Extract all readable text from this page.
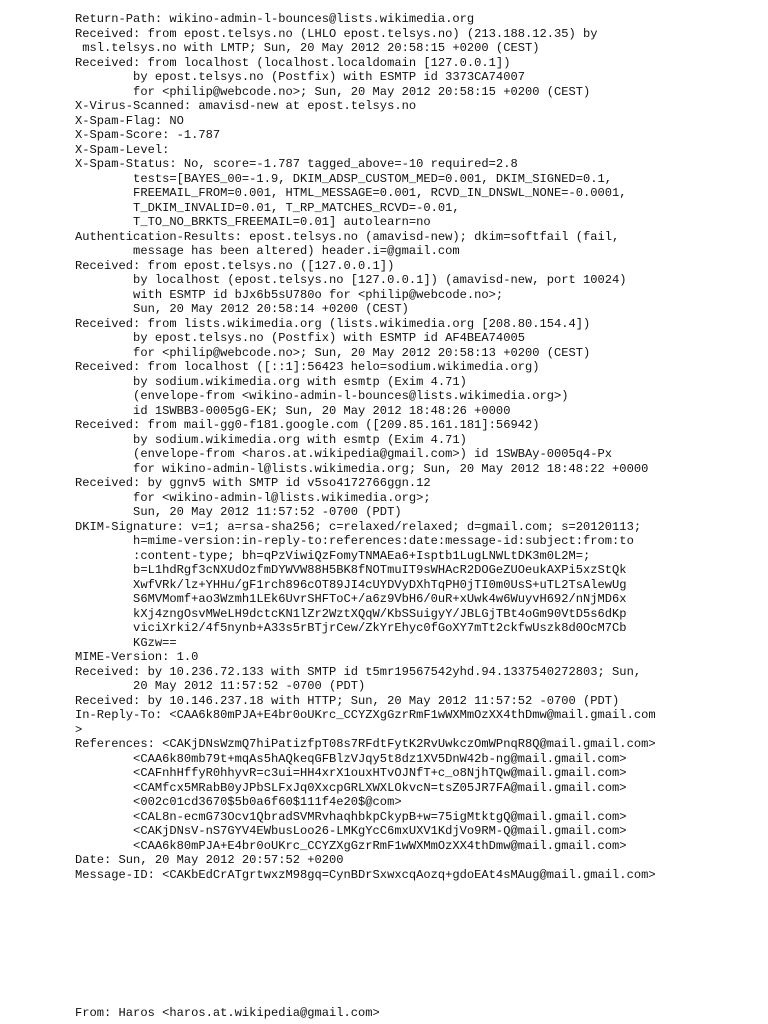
Return-Path: wikino-admin-l-bounces@lists.wikimedia.org
Received: from epost.telsys.no (LHLO epost.telsys.no) (213.188.12.35) by
msl.telsys.no with LMTP; Sun, 20 May 2012 20:58:15 +0200 (CEST)
Received: from localhost (localhost.localdomain [127.0.0.1])
by epost.telsys.no (Postfix) with ESMTP id 3373CA74007
for <philip@webcode.no>; Sun, 20 May 2012 20:58:15 +0200 (CEST)
X-Virus-Scanned: amavisd-new at epost.telsys.no
X-Spam-Flag: NO
X-Spam-Score: -1.787
X-Spam-Level:
X-Spam-Status: No, score=-1.787 tagged_above=-10 required=2.8
tests=[BAYES_00=-1.9, DKIM_ADSP_CUSTOM_MED=0.001, DKIM_SIGNED=0.1,
FREEMAIL_FROM=0.001, HTML_MESSAGE=0.001, RCVD_IN_DNSWL_NONE=-0.0001,
T_DKIM_INVALID=0.01, T_RP_MATCHES_RCVD=-0.01,
T_TO_NO_BRKTS_FREEMAIL=0.01] autolearn=no
Authentication-Results: epost.telsys.no (amavisd-new); dkim=softfail (fail,
message has been altered) header.i=@gmail.com
Received: from epost.telsys.no ([127.0.0.1])
by localhost (epost.telsys.no [127.0.0.1]) (amavisd-new, port 10024)
with ESMTP id bJx6b5sU780o for <philip@webcode.no>;
Sun, 20 May 2012 20:58:14 +0200 (CEST)
Received: from lists.wikimedia.org (lists.wikimedia.org [208.80.154.4])
by epost.telsys.no (Postfix) with ESMTP id AF4BEA74005
for <philip@webcode.no>; Sun, 20 May 2012 20:58:13 +0200 (CEST)
Received: from localhost ([::1]:56423 helo=sodium.wikimedia.org)
by sodium.wikimedia.org with esmtp (Exim 4.71)
(envelope-from <wikino-admin-l-bounces@lists.wikimedia.org>)
id 1SWBB3-0005gG-EK; Sun, 20 May 2012 18:48:26 +0000
Received: from mail-gg0-f181.google.com ([209.85.161.181]:56942)
by sodium.wikimedia.org with esmtp (Exim 4.71)
(envelope-from <haros.at.wikipedia@gmail.com>) id 1SWBAy-0005q4-Px
for wikino-admin-l@lists.wikimedia.org; Sun, 20 May 2012 18:48:22 +0000
Received: by ggnv5 with SMTP id v5so4172766ggn.12
for <wikino-admin-l@lists.wikimedia.org>;
Sun, 20 May 2012 11:57:52 -0700 (PDT)
DKIM-Signature: v=1; a=rsa-sha256; c=relaxed/relaxed; d=gmail.com; s=20120113;
h=mime-version:in-reply-to:references:date:message-id:subject:from:to
:content-type; bh=qPzViwiQzFomyTNMAEa6+Isptb1LugLNWLtDK3m0L2M=;
b=L1hdRgf3cNXUdOzfmDYWVW88H5BK8fNOTmuIT9sWHAcR2DOGeZUOeukAXPi5xzStQk
XwfVRk/lz+YHHu/gF1rch896cOT89JI4cUYDVyDXhTqPH0jTI0m0UsS+uTL2TsAlewUg
S6MVMomf+ao3Wzmh1LEk6UvrSHFToC+/a6z9VbH6/0uR+xUwk4w6WuyvH692/nNjMD6x
kXj4zngOsvMWeLH9dctcKN1lZr2WztXQqW/KbSSuigyY/JBLGjTBt4oGm90VtD5s6dKp
viciXrki2/4f5nynb+A33s5rBTjrCew/ZkYrEhyc0fGoXY7mTt2ckfwUszk8d0OcM7Cb
KGzw==
MIME-Version: 1.0
Received: by 10.236.72.133 with SMTP id t5mr19567542yhd.94.1337540272803; Sun,
20 May 2012 11:57:52 -0700 (PDT)
Received: by 10.146.237.18 with HTTP; Sun, 20 May 2012 11:57:52 -0700 (PDT)
In-Reply-To: <CAA6k80mPJA+E4br0oUKrc_CCYZXgGzrRmF1wWXMmOzXX4thDmw@mail.gmail.com
>
References: <CAKjDNsWzmQ7hiPatizfpT08s7RFdtFytK2RvUwkczOmWPnqR8Q@mail.gmail.com>
<CAA6k80mb79t+mqAs5hAQkeqGFBlzVJqy5t8dz1XV5DnW42b-ng@mail.gmail.com>
<CAFnhHffyR0hhyvR=c3ui=HH4xrX1ouxHTvOJNfT+c_o8NjhTQw@mail.gmail.com>
<CAMfcx5MRabB0yJPbSLFxJq0XxcpGRLXWXLOkvcN=tsZ05JR7FA@mail.gmail.com>
<002c01cd3670$5b0a6f60$111f4e20$@com>
<CAL8n-ecmG73Ocv1QbradSVMRvhaqhbkpCkypB+w=75igMtktgQ@mail.gmail.com>
<CAKjDNsV-nS7GYV4EWbusLoo26-LMKgYcC6mxUXV1KdjVo9RM-Q@mail.gmail.com>
<CAA6k80mPJA+E4br0oUKrc_CCYZXgGzrRmF1wWXMmOzXX4thDmw@mail.gmail.com>
Date: Sun, 20 May 2012 20:57:52 +0200
Message-ID: <CAKbEdCrATgrtwxzM98gq=CynBDrSxwxcqAozq+gdoEAt4sMAug@mail.gmail.com>
From: Haros <haros.at.wikipedia@gmail.com>
